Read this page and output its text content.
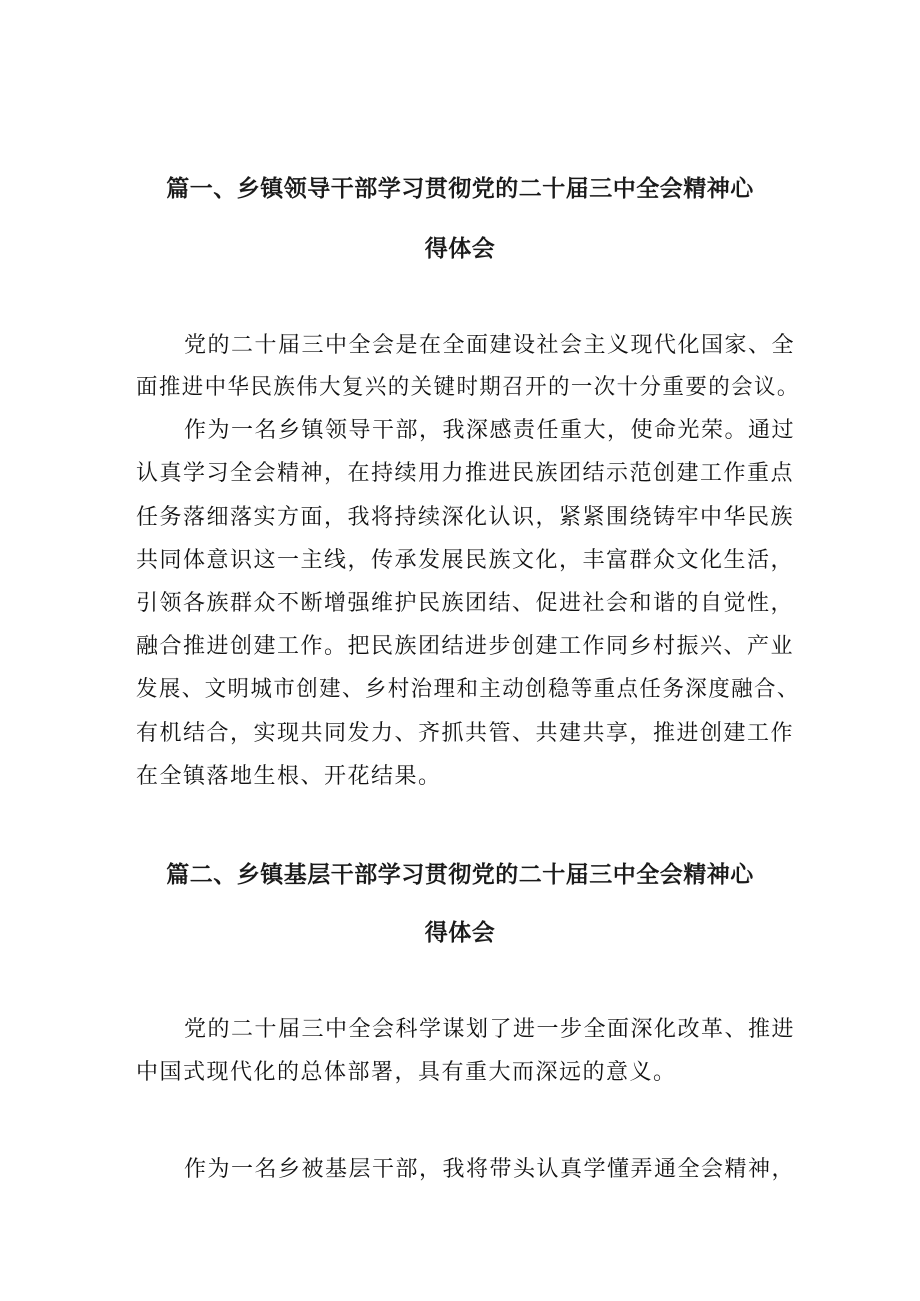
篇一、乡镇领导干部学习贯彻党的二十届三中全会精神心
得体会
党的二十届三中全会是在全面建设社会主义现代化国家、全
面推进中华民族伟大复兴的关键时期召开的一次十分重要的会议。
作为一名乡镇领导干部，我深感责任重大，使命光荣。通过
认真学习全会精神，在持续用力推进民族团结示范创建工作重点
任务落细落实方面，我将持续深化认识，紧紧围绕铸牢中华民族
共同体意识这一主线，传承发展民族文化，丰富群众文化生活，
引领各族群众不断增强维护民族团结、促进社会和谐的自觉性，
融合推进创建工作。把民族团结进步创建工作同乡村振兴、产业
发展、文明城市创建、乡村治理和主动创稳等重点任务深度融合、
有机结合，实现共同发力、齐抓共管、共建共享，推进创建工作
在全镇落地生根、开花结果。
篇二、乡镇基层干部学习贯彻党的二十届三中全会精神心
得体会
党的二十届三中全会科学谋划了进一步全面深化改革、推进
中国式现代化的总体部署，具有重大而深远的意义。
作为一名乡被基层干部，我将带头认真学懂弄通全会精神，
